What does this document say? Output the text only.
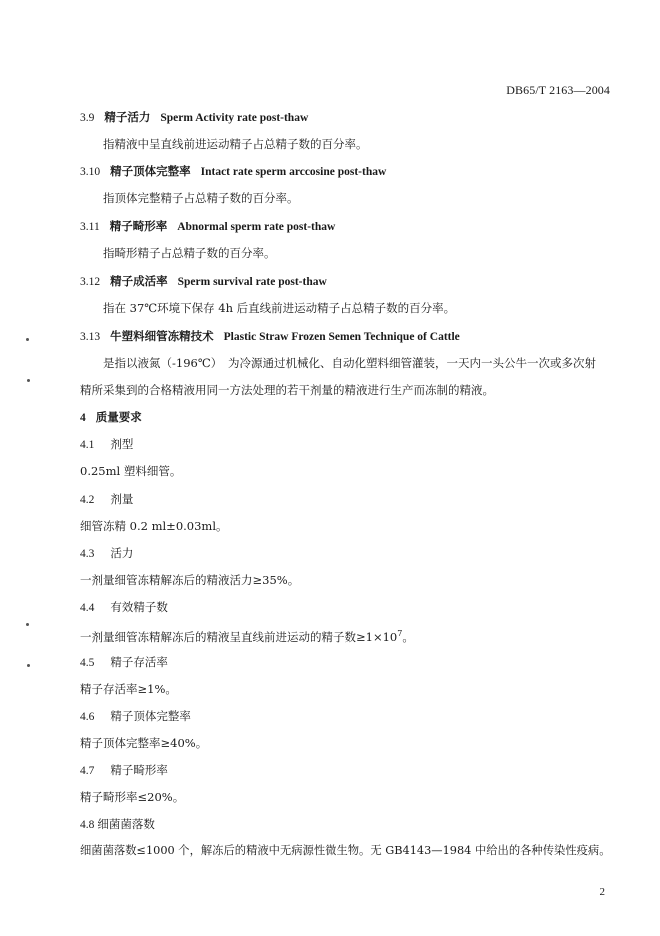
DB65/T 2163—2004
3.9 精子活力 Sperm Activity rate post-thaw
指精液中呈直线前进运动精子占总精子数的百分率。
3.10 精子顶体完整率 Intact rate sperm arccosine post-thaw
指顶体完整精子占总精子数的百分率。
3.11 精子畸形率 Abnormal sperm rate post-thaw
指畸形精子占总精子数的百分率。
3.12 精子成活率 Sperm survival rate post-thaw
指在 37℃环境下保存 4h 后直线前进运动精子占总精子数的百分率。
3.13 牛塑料细管冻精技术 Plastic Straw Frozen Semen Technique of Cattle
是指以液氮（-196℃）　为冷源通过机械化、自动化塑料细管灌装，一天内一头公牛一次或多次射
精所采集到的合格精液用同一方法处理的若干剂量的精液进行生产而冻制的精液。
4 质量要求
4.1 剂型
0.25ml 塑料细管。
4.2 剂量
细管冻精 0.2 ml±0.03ml。
4.3 活力
一剂量细管冻精解冻后的精液活力≥35%。
4.4 有效精子数
一剂量细管冻精解冻后的精液呈直线前进运动的精子数$\ge 1\times 10^7$。
4.5 精子存活率
精子存活率≥1%。
4.6 精子顶体完整率
精子顶体完整率≥40%。
4.7 精子畸形率
精子畸形率≤20%。
4.8 细菌菌落数
细菌菌落数≤1000 个，解冻后的精液中无病源性微生物。无 GB4143—1984 中给出的各种传染性疫病。
2
